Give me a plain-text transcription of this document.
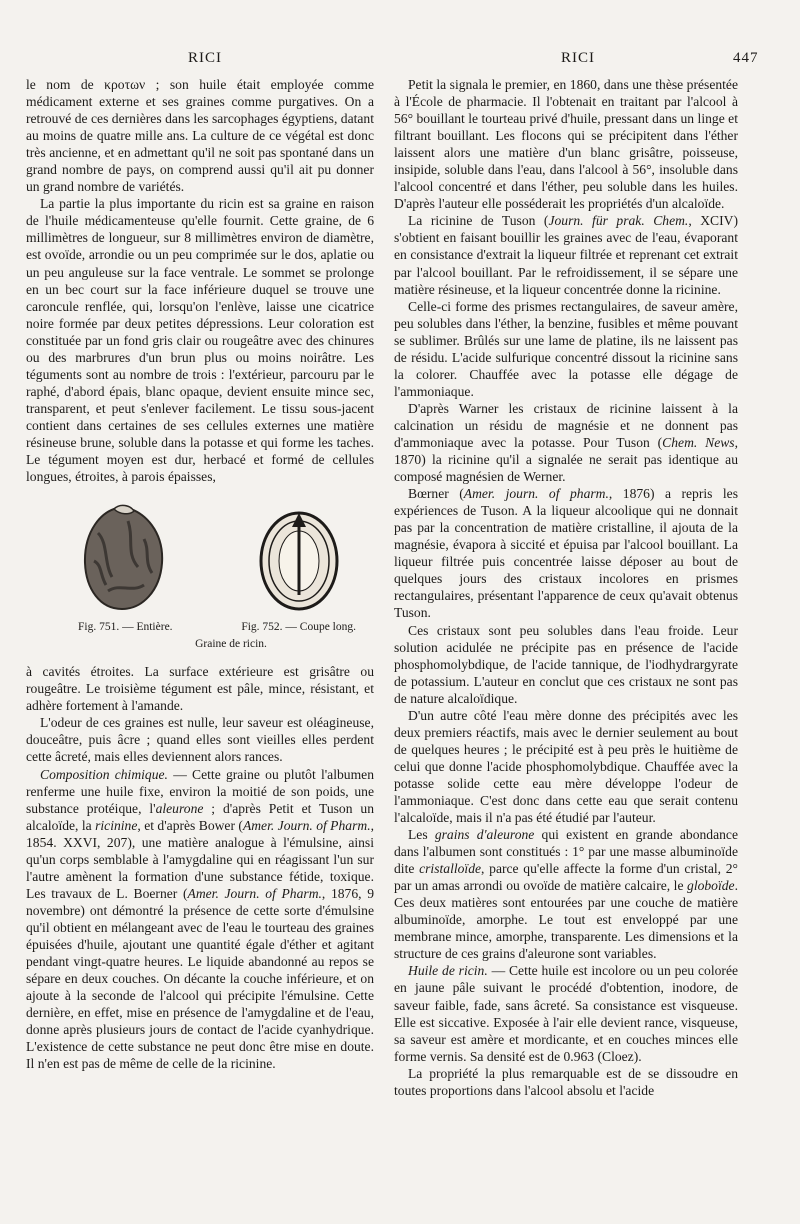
RICI	RICI	447

le nom de κροτων ; son huile était employée comme médicament externe et ses graines comme purgatives. On a retrouvé de ces dernières dans les sarcophages égyptiens, datant au moins de quatre mille ans. La culture de ce végétal est donc très ancienne, et en admettant qu'il ne soit pas spontané dans un grand nombre de pays, on comprend aussi qu'il ait pu donner un grand nombre de variétés.

La partie la plus importante du ricin est sa graine en raison de l'huile médicamenteuse qu'elle fournit. Cette graine, de 6 millimètres de longueur, sur 8 millimètres environ de diamètre, est ovoïde, arrondie ou un peu comprimée sur le dos, aplatie ou un peu anguleuse sur la face ventrale. Le sommet se prolonge en un bec court sur la face inférieure duquel se trouve une caroncule renflée, qui, lorsqu'on l'enlève, laisse une cicatrice noire formée par deux petites dépressions. Leur coloration est constituée par un fond gris clair ou rougeâtre avec des chinures ou des marbrures d'un brun plus ou moins noirâtre. Les téguments sont au nombre de trois : l'extérieur, parcouru par le raphé, d'abord épais, blanc opaque, devient ensuite mince sec, transparent, et peut s'enlever facilement. Le tissu sous-jacent contient dans certaines de ses cellules externes une matière résineuse brune, soluble dans la potasse et qui forme les taches. Le tégument moyen est dur, herbacé et formé de cellules longues, étroites, à parois épaisses,

Fig. 751. — Entière.	Fig. 752. — Coupe long.
Graine de ricin.

à cavités étroites. La surface extérieure est grisâtre ou rougeâtre. Le troisième tégument est pâle, mince, résistant, et adhère fortement à l'amande.

L'odeur de ces graines est nulle, leur saveur est oléagineuse, douceâtre, puis âcre ; quand elles sont vieilles elles perdent cette âcreté, mais elles deviennent alors rances.

Composition chimique. — Cette graine ou plutôt l'albumen renferme une huile fixe, environ la moitié de son poids, une substance protéique, l'aleurone ; d'après Petit et Tuson un alcaloïde, la ricinine, et d'après Bower (Amer. Journ. of Pharm., 1854. XXVI, 207), une matière analogue à l'émulsine, ainsi qu'un corps semblable à l'amygdaline qui en réagissant l'un sur l'autre amènent la formation d'une substance fétide, toxique. Les travaux de L. Boerner (Amer. Journ. of Pharm., 1876, 9 novembre) ont démontré la présence de cette sorte d'émulsine qu'il obtient en mélangeant avec de l'eau le tourteau des graines épuisées d'huile, ajoutant une quantité égale d'éther et agitant pendant vingt-quatre heures. Le liquide abandonné au repos se sépare en deux couches. On décante la couche inférieure, et on ajoute à la seconde de l'alcool qui précipite l'émulsine. Cette dernière, en effet, mise en présence de l'amygdaline et de l'eau, donne après plusieurs jours de contact de l'acide cyanhydrique. L'existence de cette substance ne peut donc être mise en doute. Il n'en est pas de même de celle de la ricinine.

Petit la signala le premier, en 1860, dans une thèse présentée à l'École de pharmacie. Il l'obtenait en traitant par l'alcool à 56° bouillant le tourteau privé d'huile, pressant dans un linge et filtrant bouillant. Les flocons qui se précipitent dans l'éther laissent alors une matière d'un blanc grisâtre, poisseuse, insipide, soluble dans l'eau, dans l'alcool à 56°, insoluble dans l'alcool concentré et dans l'éther, peu soluble dans les huiles. D'après l'auteur elle posséderait les propriétés d'un alcaloïde.

La ricinine de Tuson (Journ. für prak. Chem., XCIV) s'obtient en faisant bouillir les graines avec de l'eau, évaporant en consistance d'extrait la liqueur filtrée et reprenant cet extrait par l'alcool bouillant. Par le refroidissement, il se sépare une matière résineuse, et la liqueur concentrée donne la ricinine.

Celle-ci forme des prismes rectangulaires, de saveur amère, peu solubles dans l'éther, la benzine, fusibles et même pouvant se sublimer. Brûlés sur une lame de platine, ils ne laissent pas de résidu. L'acide sulfurique concentré dissout la ricinine sans la colorer. Chauffée avec la potasse elle dégage de l'ammoniaque.

D'après Warner les cristaux de ricinine laissent à la calcination un résidu de magnésie et ne donnent pas d'ammoniaque avec la potasse. Pour Tuson (Chem. News, 1870) la ricinine qu'il a signalée ne serait pas identique au composé magnésien de Werner.

Bœrner (Amer. journ. of pharm., 1876) a repris les expériences de Tuson. A la liqueur alcoolique qui ne donnait pas par la concentration de matière cristalline, il ajouta de la magnésie, évapora à siccité et épuisa par l'alcool bouillant. La liqueur filtrée puis concentrée laisse déposer au bout de quelques jours des cristaux incolores en prismes rectangulaires, présentant l'apparence de ceux qu'avait obtenus Tuson.

Ces cristaux sont peu solubles dans l'eau froide. Leur solution acidulée ne précipite pas en présence de l'acide phosphomolybdique, de l'acide tannique, de l'iodhydrargyrate de potassium. L'auteur en conclut que ces cristaux ne sont pas de nature alcaloïdique.

D'un autre côté l'eau mère donne des précipités avec les deux premiers réactifs, mais avec le dernier seulement au bout de quelques heures ; le précipité est à peu près le huitième de celui que donne l'acide phosphomolybdique. Chauffée avec la potasse solide cette eau mère développe l'odeur de l'ammoniaque. C'est donc dans cette eau que serait contenu l'alcaloïde, mais il n'a pas été étudié par l'auteur.

Les grains d'aleurone qui existent en grande abondance dans l'albumen sont constitués : 1° par une masse albuminoïde dite cristalloïde, parce qu'elle affecte la forme d'un cristal, 2° par un amas arrondi ou ovoïde de matière calcaire, le globoïde. Ces deux matières sont entourées par une couche de matière albuminoïde, amorphe. Le tout est enveloppé par une membrane mince, amorphe, transparente. Les dimensions et la structure de ces grains d'aleurone sont variables.

Huile de ricin. — Cette huile est incolore ou un peu colorée en jaune pâle suivant le procédé d'obtention, inodore, de saveur faible, fade, sans âcreté. Sa consistance est visqueuse. Elle est siccative. Exposée à l'air elle devient rance, visqueuse, sa saveur est amère et mordicante, et en couches minces elle forme vernis. Sa densité est de 0.963 (Cloez).

La propriété la plus remarquable est de se dissoudre en toutes proportions dans l'alcool absolu et l'acide
